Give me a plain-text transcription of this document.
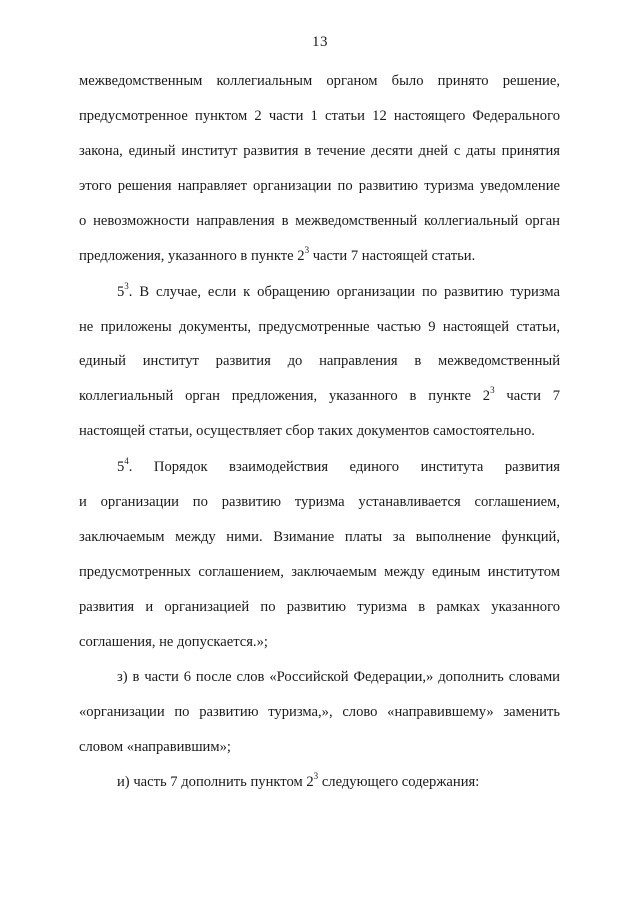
13
межведомственным коллегиальным органом было принято решение,
предусмотренное пунктом 2 части 1 статьи 12 настоящего Федерального
закона, единый институт развития в течение десяти дней с даты принятия
этого решения направляет организации по развитию туризма уведомление
о невозможности направления в межведомственный коллегиальный орган
предложения, указанного в пункте $2^3$ части 7 настоящей статьи.
$5^3$. В случае, если к обращению организации по развитию туризма
не приложены документы, предусмотренные частью 9 настоящей статьи,
единый институт развития до направления в межведомственный
коллегиальный орган предложения, указанного в пункте $2^3$ части 7
настоящей статьи, осуществляет сбор таких документов самостоятельно.
$5^4$. Порядок взаимодействия единого института развития
и организации по развитию туризма устанавливается соглашением,
заключаемым между ними. Взимание платы за выполнение функций,
предусмотренных соглашением, заключаемым между единым институтом
развития и организацией по развитию туризма в рамках указанного
соглашения, не допускается.»;
з) в части 6 после слов «Российской Федерации,» дополнить словами
«организации по развитию туризма,», слово «направившему» заменить
словом «направившим»;
и) часть 7 дополнить пунктом $2^3$ следующего содержания:
